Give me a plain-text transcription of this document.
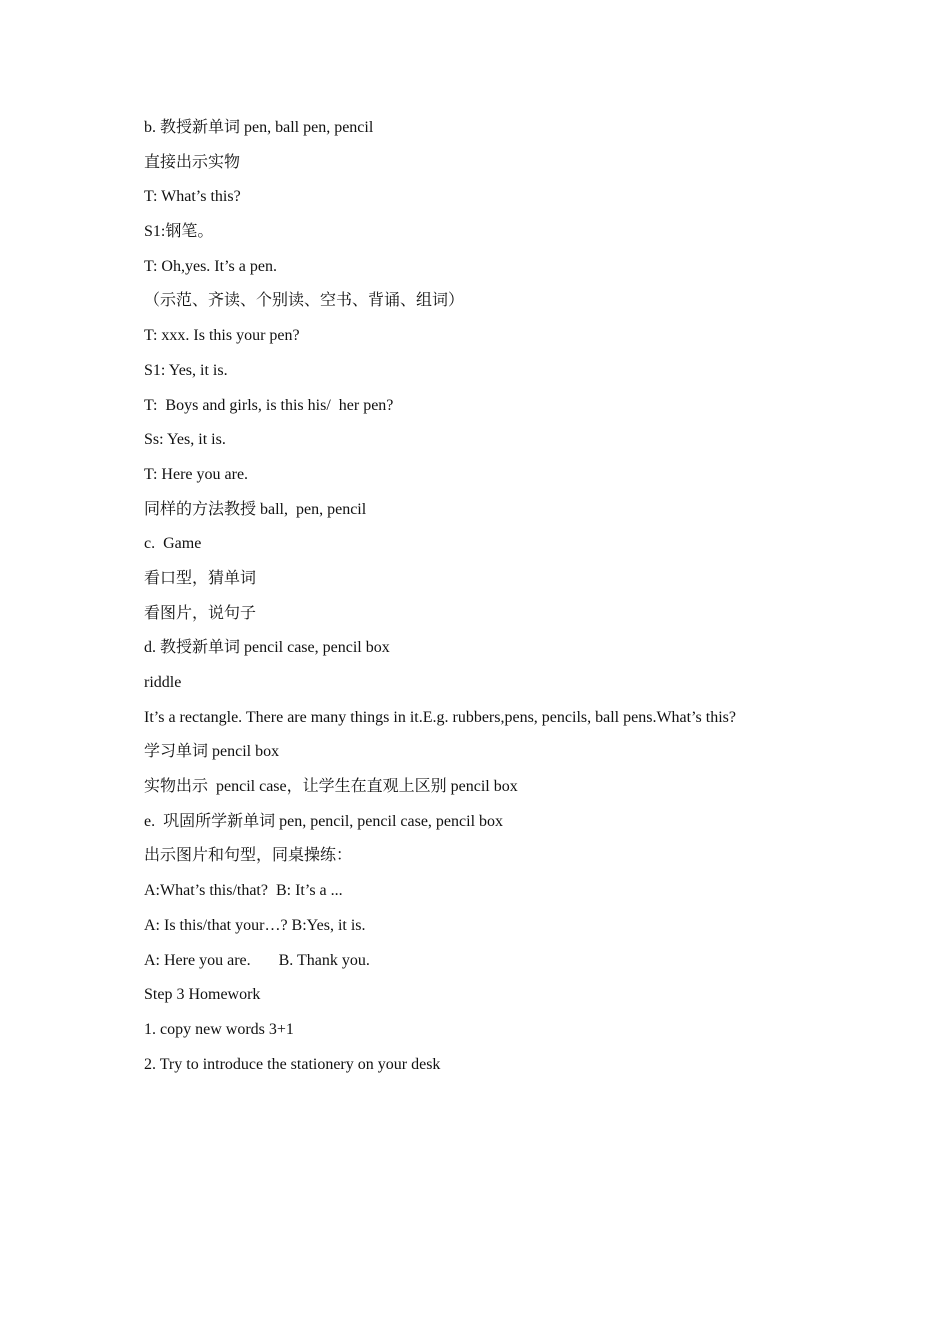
b. 教授新单词 pen, ball pen, pencil
直接出示实物
T: What’s this?
S1:钢笔。
T: Oh,yes. It’s a pen.
（示范、齐读、个别读、空书、背诵、组词）
T: xxx. Is this your pen?
S1: Yes, it is.
T:  Boys and girls, is this his/  her pen?
Ss: Yes, it is.
T: Here you are.
同样的方法教授 ball,  pen, pencil
c.  Game
看口型，猜单词
看图片，说句子
d. 教授新单词 pencil case, pencil box
riddle
It’s a rectangle. There are many things in it.E.g. rubbers,pens, pencils, ball pens.What’s this?
学习单词 pencil box
实物出示  pencil case，让学生在直观上区别 pencil box
e.  巩固所学新单词 pen, pencil, pencil case, pencil box
出示图片和句型，同桌操练：
A:What’s this/that?  B: It’s a ...
A: Is this/that your…? B:Yes, it is.
A: Here you are.       B. Thank you.
Step 3 Homework
1. copy new words 3+1
2. Try to introduce the stationery on your desk
